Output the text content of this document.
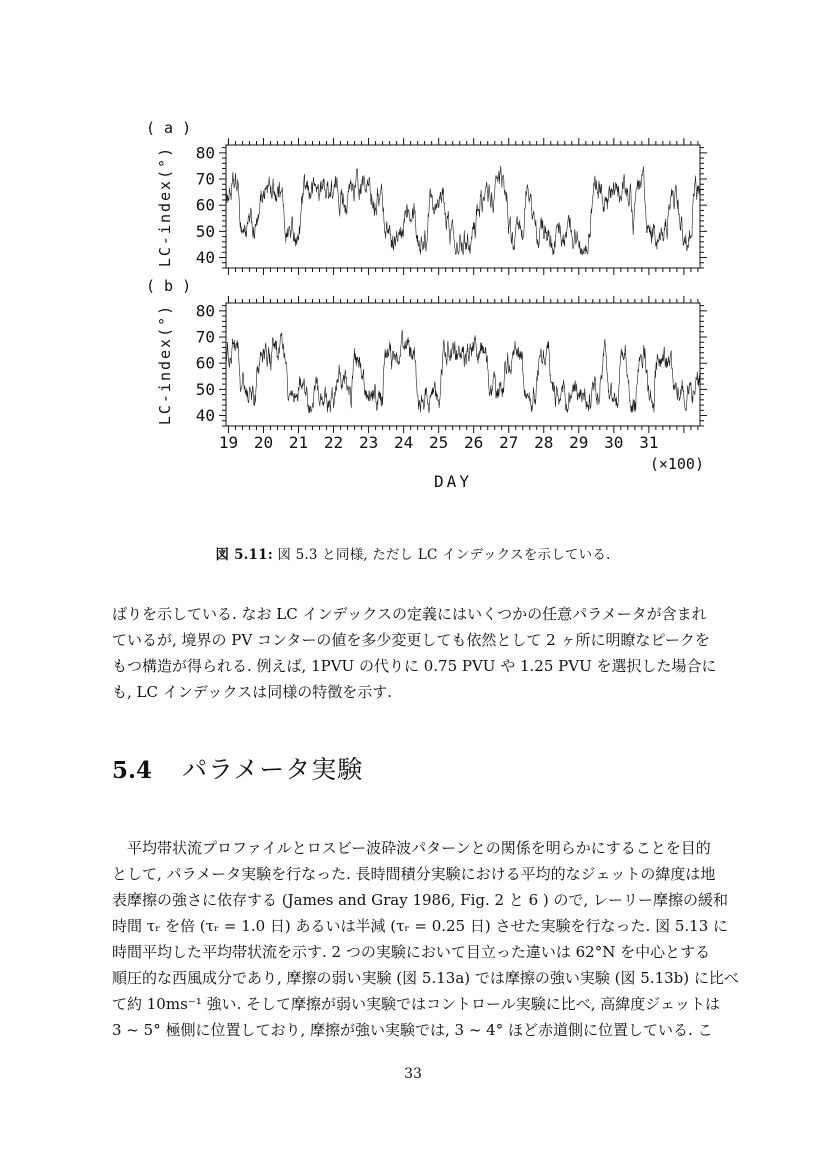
40
50
60
70
80
LC-index(°)
( a )
40
50
60
70
80
LC-index(°)
( b )
19 20 21 22 23 24 25 26 27 28 29 30 31
(×100)
DAY
図 5.11: 図 5.3 と同様, ただし LC インデックスを示している.
ばりを示している. なお LC インデックスの定義にはいくつかの任意パラメータが含まれ
ているが, 境界の PV コンターの値を多少変更しても依然として 2 ヶ所に明瞭なピークを
もつ構造が得られる. 例えば, 1PVU の代りに 0.75 PVU や 1.25 PVU を選択した場合に
も, LC インデックスは同様の特徴を示す.
5.4 パラメータ実験
　平均帯状流プロファイルとロスビー波砕波パターンとの関係を明らかにすることを目的
として, パラメータ実験を行なった. 長時間積分実験における平均的なジェットの緯度は地
表摩擦の強さに依存する (James and Gray 1986, Fig. 2 と 6 ) ので, レーリー摩擦の緩和
時間 τᵣ を倍 (τᵣ = 1.0 日) あるいは半減 (τᵣ = 0.25 日) させた実験を行なった. 図 5.13 に
時間平均した平均帯状流を示す. 2 つの実験において目立った違いは 62°N を中心とする
順圧的な西風成分であり, 摩擦の弱い実験 (図 5.13a) では摩擦の強い実験 (図 5.13b) に比べ
て約 10ms⁻¹ 強い. そして摩擦が弱い実験ではコントロール実験に比べ, 高緯度ジェットは
3 ~ 5° 極側に位置しており, 摩擦が強い実験では, 3 ~ 4° ほど赤道側に位置している. こ
33
